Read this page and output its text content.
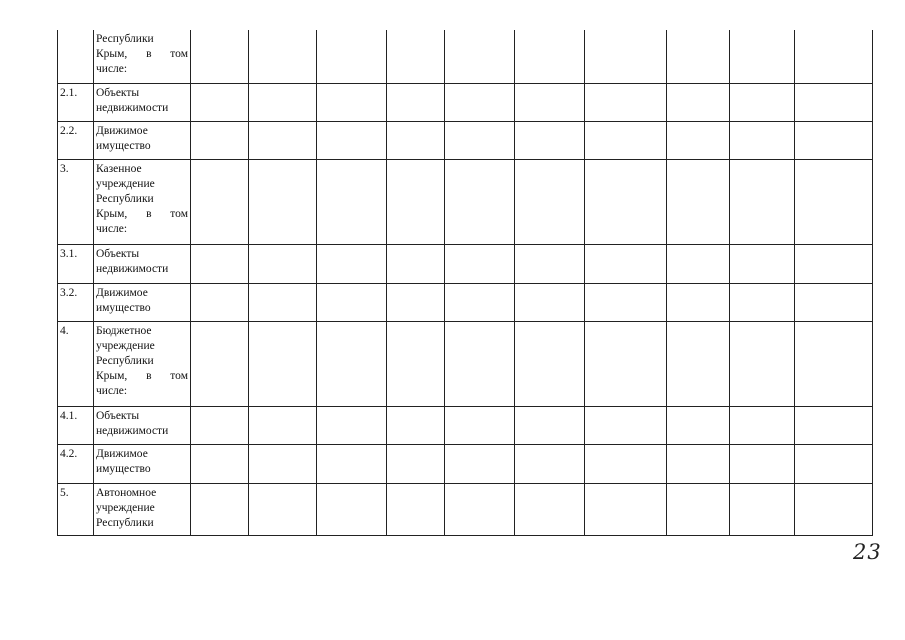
	Республики
Крым, в том
числе:										

2.1.	Объекты
недвижимости										

2.2.	Движимое
имущество										

3.	Казенное
учреждение
Республики
Крым, в том
числе:										

3.1.	Объекты
недвижимости										

3.2.	Движимое
имущество										

4.	Бюджетное
учреждение
Республики
Крым, в том
числе:										

4.1.	Объекты
недвижимости										

4.2.	Движимое
имущество										

5.	Автономное
учреждение
Республики										

23
